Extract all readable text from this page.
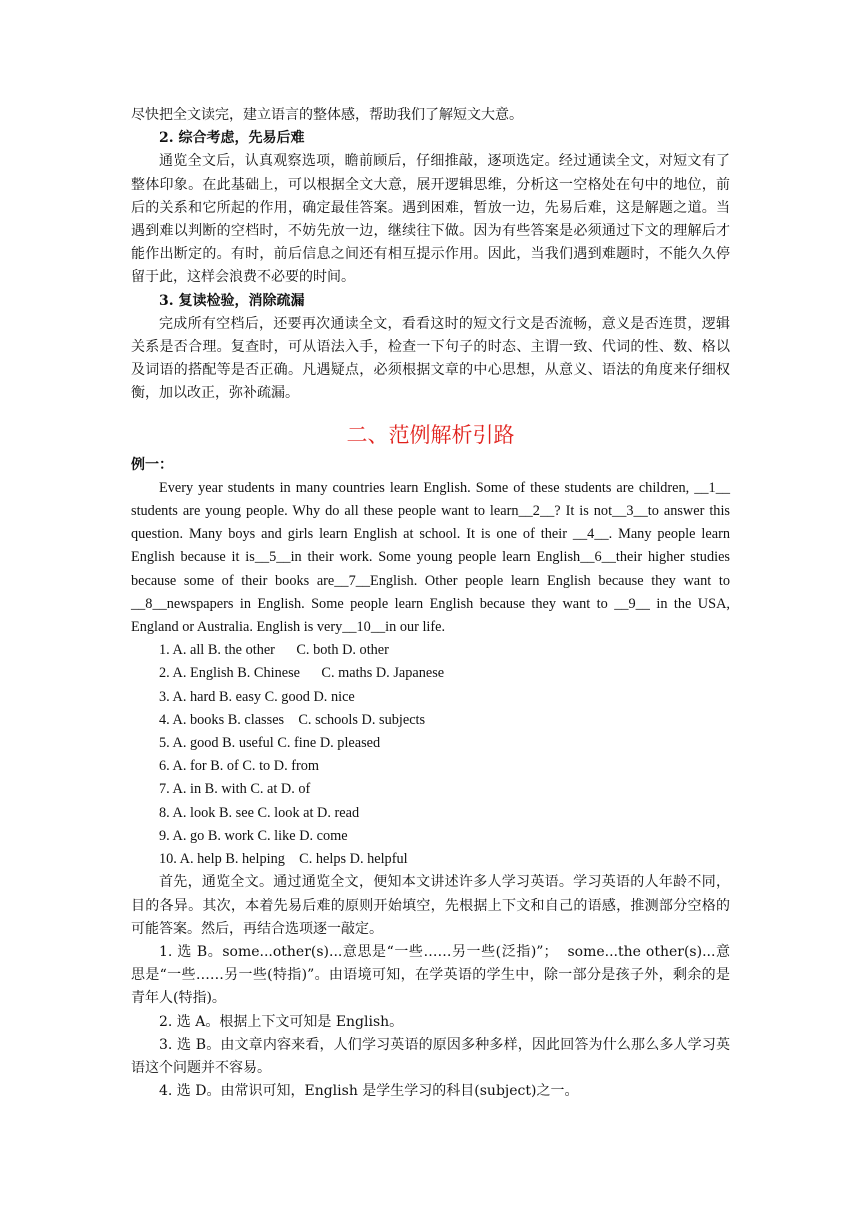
尽快把全文读完，建立语言的整体感，帮助我们了解短文大意。

2. 综合考虑，先易后难

通览全文后，认真观察选项，瞻前顾后，仔细推敲，逐项选定。经过通读全文，对短文有了整体印象。在此基础上，可以根据全文大意，展开逻辑思维，分析这一空格处在句中的地位，前后的关系和它所起的作用，确定最佳答案。遇到困难，暂放一边，先易后难，这是解题之道。当遇到难以判断的空档时，不妨先放一边，继续往下做。因为有些答案是必须通过下文的理解后才能作出断定的。有时，前后信息之间还有相互提示作用。因此，当我们遇到难题时，不能久久停留于此，这样会浪费不必要的时间。

3. 复读检验，消除疏漏

完成所有空档后，还要再次通读全文，看看这时的短文行文是否流畅，意义是否连贯，逻辑关系是否合理。复查时，可从语法入手，检查一下句子的时态、主谓一致、代词的性、数、格以及词语的搭配等是否正确。凡遇疑点，必须根据文章的中心思想，从意义、语法的角度来仔细权衡，加以改正，弥补疏漏。

二、范例解析引路

例一：

Every year students in many countries learn English. Some of these students are children, __1__ students are young people. Why do all these people want to learn__2__? It is not__3__to answer this question. Many boys and girls learn English at school. It is one of their __4__. Many people learn English because it is__5__in their work. Some young people learn English__6__their higher studies because some of their books are__7__English. Other people learn English because they want to __8__newspapers in English. Some people learn English because they want to __9__ in the USA, England or Australia. English is very__10__in our life.

1. A. all B. the other      C. both D. other

2. A. English B. Chinese      C. maths D. Japanese

3. A. hard B. easy C. good D. nice

4. A. books B. classes    C. schools D. subjects

5. A. good B. useful C. fine D. pleased

6. A. for B. of C. to D. from

7. A. in B. with C. at D. of

8. A. look B. see C. look at D. read

9. A. go B. work C. like D. come

10. A. help B. helping    C. helps D. helpful

首先，通览全文。通过通览全文，便知本文讲述许多人学习英语。学习英语的人年龄不同，目的各异。其次，本着先易后难的原则开始填空，先根据上下文和自己的语感，推测部分空格的可能答案。然后，再结合选项逐一敲定。

1. 选 B。some...other(s)...意思是“一些……另一些(泛指)”；  some...the other(s)...意思是“一些……另一些(特指)”。由语境可知，在学英语的学生中，除一部分是孩子外，剩余的是青年人(特指)。

2. 选 A。根据上下文可知是 English。

3. 选 B。由文章内容来看，人们学习英语的原因多种多样，因此回答为什么那么多人学习英语这个问题并不容易。

4. 选 D。由常识可知，English 是学生学习的科目(subject)之一。
